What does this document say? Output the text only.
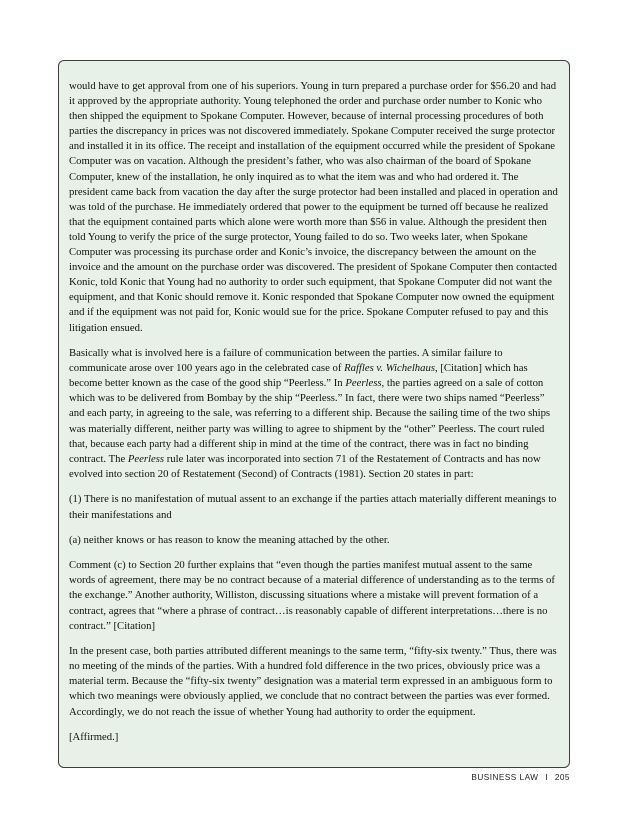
would have to get approval from one of his superiors. Young in turn prepared a purchase order for $56.20 and had it approved by the appropriate authority. Young telephoned the order and purchase order number to Konic who then shipped the equipment to Spokane Computer. However, because of internal processing procedures of both parties the discrepancy in prices was not discovered immediately. Spokane Computer received the surge protector and installed it in its office. The receipt and installation of the equipment occurred while the president of Spokane Computer was on vacation. Although the president’s father, who was also chairman of the board of Spokane Computer, knew of the installation, he only inquired as to what the item was and who had ordered it. The president came back from vacation the day after the surge protector had been installed and placed in operation and was told of the purchase. He immediately ordered that power to the equipment be turned off because he realized that the equipment contained parts which alone were worth more than $56 in value. Although the president then told Young to verify the price of the surge protector, Young failed to do so. Two weeks later, when Spokane Computer was processing its purchase order and Konic’s invoice, the discrepancy between the amount on the invoice and the amount on the purchase order was discovered. The president of Spokane Computer then contacted Konic, told Konic that Young had no authority to order such equipment, that Spokane Computer did not want the equipment, and that Konic should remove it. Konic responded that Spokane Computer now owned the equipment and if the equipment was not paid for, Konic would sue for the price. Spokane Computer refused to pay and this litigation ensued.

Basically what is involved here is a failure of communication between the parties. A similar failure to communicate arose over 100 years ago in the celebrated case of Raffles v. Wichelhaus, [Citation] which has become better known as the case of the good ship “Peerless.” In Peerless, the parties agreed on a sale of cotton which was to be delivered from Bombay by the ship “Peerless.” In fact, there were two ships named “Peerless” and each party, in agreeing to the sale, was referring to a different ship. Because the sailing time of the two ships was materially different, neither party was willing to agree to shipment by the “other” Peerless. The court ruled that, because each party had a different ship in mind at the time of the contract, there was in fact no binding contract. The Peerless rule later was incorporated into section 71 of the Restatement of Contracts and has now evolved into section 20 of Restatement (Second) of Contracts (1981). Section 20 states in part:

(1) There is no manifestation of mutual assent to an exchange if the parties attach materially different meanings to their manifestations and

(a) neither knows or has reason to know the meaning attached by the other.

Comment (c) to Section 20 further explains that “even though the parties manifest mutual assent to the same words of agreement, there may be no contract because of a material difference of understanding as to the terms of the exchange.” Another authority, Williston, discussing situations where a mistake will prevent formation of a contract, agrees that “where a phrase of contract…is reasonably capable of different interpretations…there is no contract.” [Citation]

In the present case, both parties attributed different meanings to the same term, “fifty-six twenty.” Thus, there was no meeting of the minds of the parties. With a hundred fold difference in the two prices, obviously price was a material term. Because the “fifty-six twenty” designation was a material term expressed in an ambiguous form to which two meanings were obviously applied, we conclude that no contract between the parties was ever formed. Accordingly, we do not reach the issue of whether Young had authority to order the equipment.

[Affirmed.]

BUSINESS LAW I 205
